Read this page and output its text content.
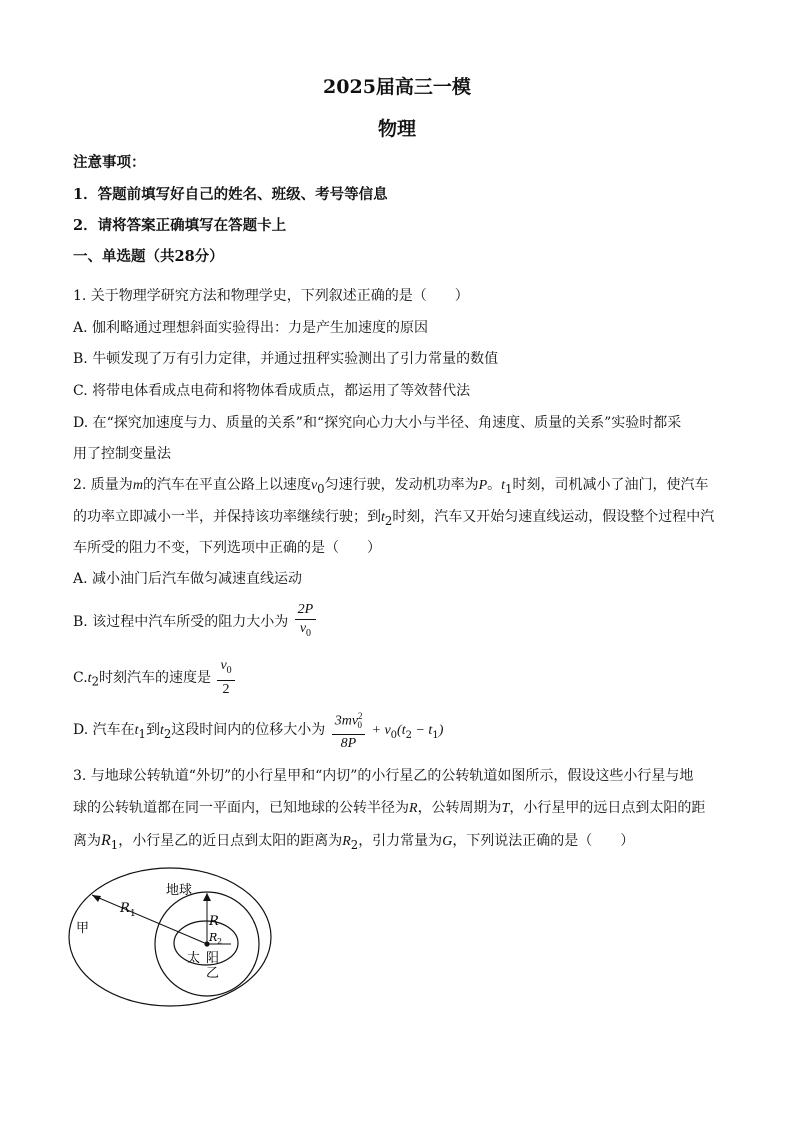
2025届高三一模
物理
注意事项：
1．答题前填写好自己的姓名、班级、考号等信息
2．请将答案正确填写在答题卡上
一、单选题（共28分）
1. 关于物理学研究方法和物理学史，下列叙述正确的是（　　）
A. 伽利略通过理想斜面实验得出：力是产生加速度的原因
B. 牛顿发现了万有引力定律，并通过扭秤实验测出了引力常量的数值
C. 将带电体看成点电荷和将物体看成质点，都运用了等效替代法
D. 在“探究加速度与力、质量的关系”和“探究向心力大小与半径、角速度、质量的关系”实验时都采
用了控制变量法
2. 质量为m的汽车在平直公路上以速度$v_0$匀速行驶，发动机功率为P。$t_1$时刻，司机减小了油门，使汽车
的功率立即减小一半，并保持该功率继续行驶；到$t_2$时刻，汽车又开始匀速直线运动，假设整个过程中汽
车所受的阻力不变，下列选项中正确的是（　　）
A. 减小油门后汽车做匀减速直线运动
B. 该过程中汽车所受的阻力大小为 $\frac{2P}{v_0}$
$C.t_2$时刻汽车的速度是 $\frac{v_0}{2}$
D. 汽车在$t_1$到$t_2$这段时间内的位移大小为 $\frac{3mv^2_0}{8P} + v_0(t_2 - t_1)$
3. 与地球公转轨道“外切”的小行星甲和“内切”的小行星乙的公转轨道如图所示，假设这些小行星与地
球的公转轨道都在同一平面内，已知地球的公转半径为R，公转周期为T，小行星甲的远日点到太阳的距
离为$R_1$，小行星乙的近日点到太阳的距离为$R_2$，引力常量为G，下列说法正确的是（　　）
地球
甲
乙
太 阳
R 1	R
R 2
